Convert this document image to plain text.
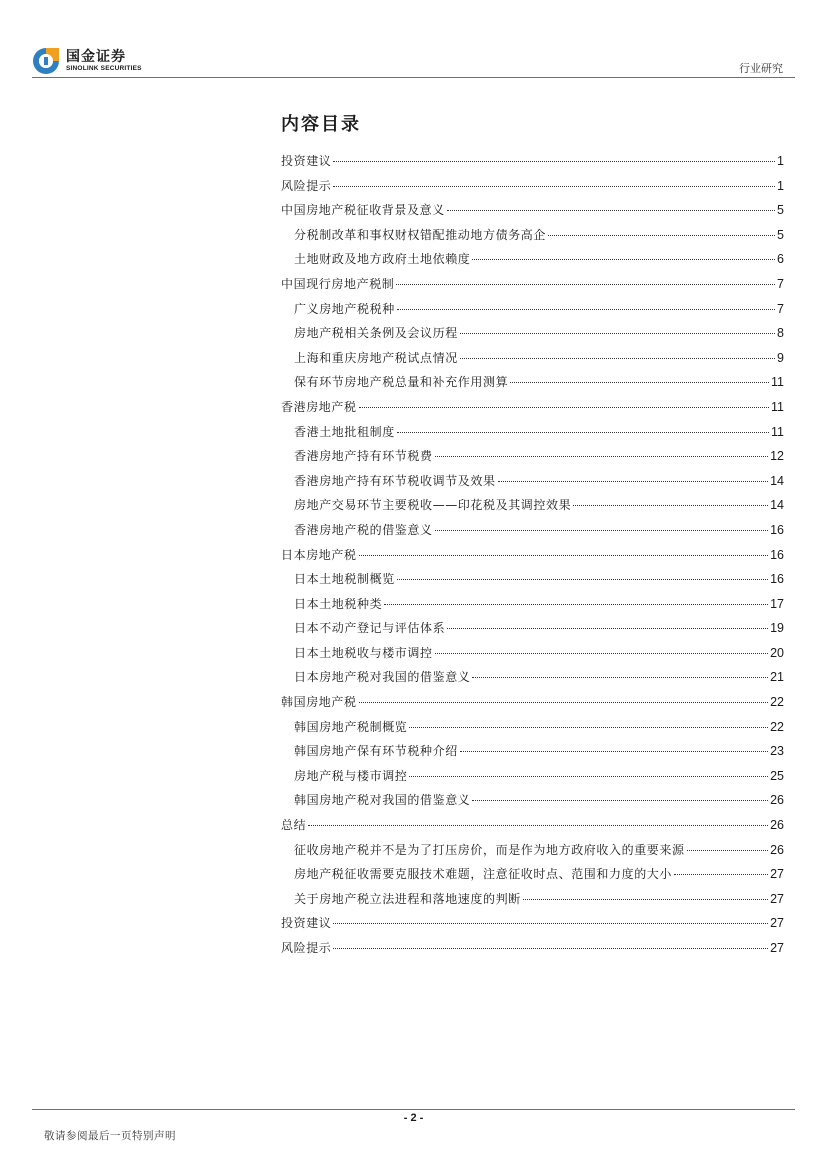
国金证券
SINOLINK SECURITIES	行业研究
内容目录
投资建议	1
风险提示	1
中国房地产税征收背景及意义	5
分税制改革和事权财权错配推动地方债务高企	5
土地财政及地方政府土地依赖度	6
中国现行房地产税制	7
广义房地产税税种	7
房地产税相关条例及会议历程	8
上海和重庆房地产税试点情况	9
保有环节房地产税总量和补充作用测算	11
香港房地产税	11
香港土地批租制度	11
香港房地产持有环节税费	12
香港房地产持有环节税收调节及效果	14
房地产交易环节主要税收——印花税及其调控效果	14
香港房地产税的借鉴意义	16
日本房地产税	16
日本土地税制概览	16
日本土地税种类	17
日本不动产登记与评估体系	19
日本土地税收与楼市调控	20
日本房地产税对我国的借鉴意义	21
韩国房地产税	22
韩国房地产税制概览	22
韩国房地产保有环节税种介绍	23
房地产税与楼市调控	25
韩国房地产税对我国的借鉴意义	26
总结	26
征收房地产税并不是为了打压房价，而是作为地方政府收入的重要来源	26
房地产税征收需要克服技术难题，注意征收时点、范围和力度的大小	27
关于房地产税立法进程和落地速度的判断	27
投资建议	27
风险提示	27
- 2 -
敬请参阅最后一页特别声明
